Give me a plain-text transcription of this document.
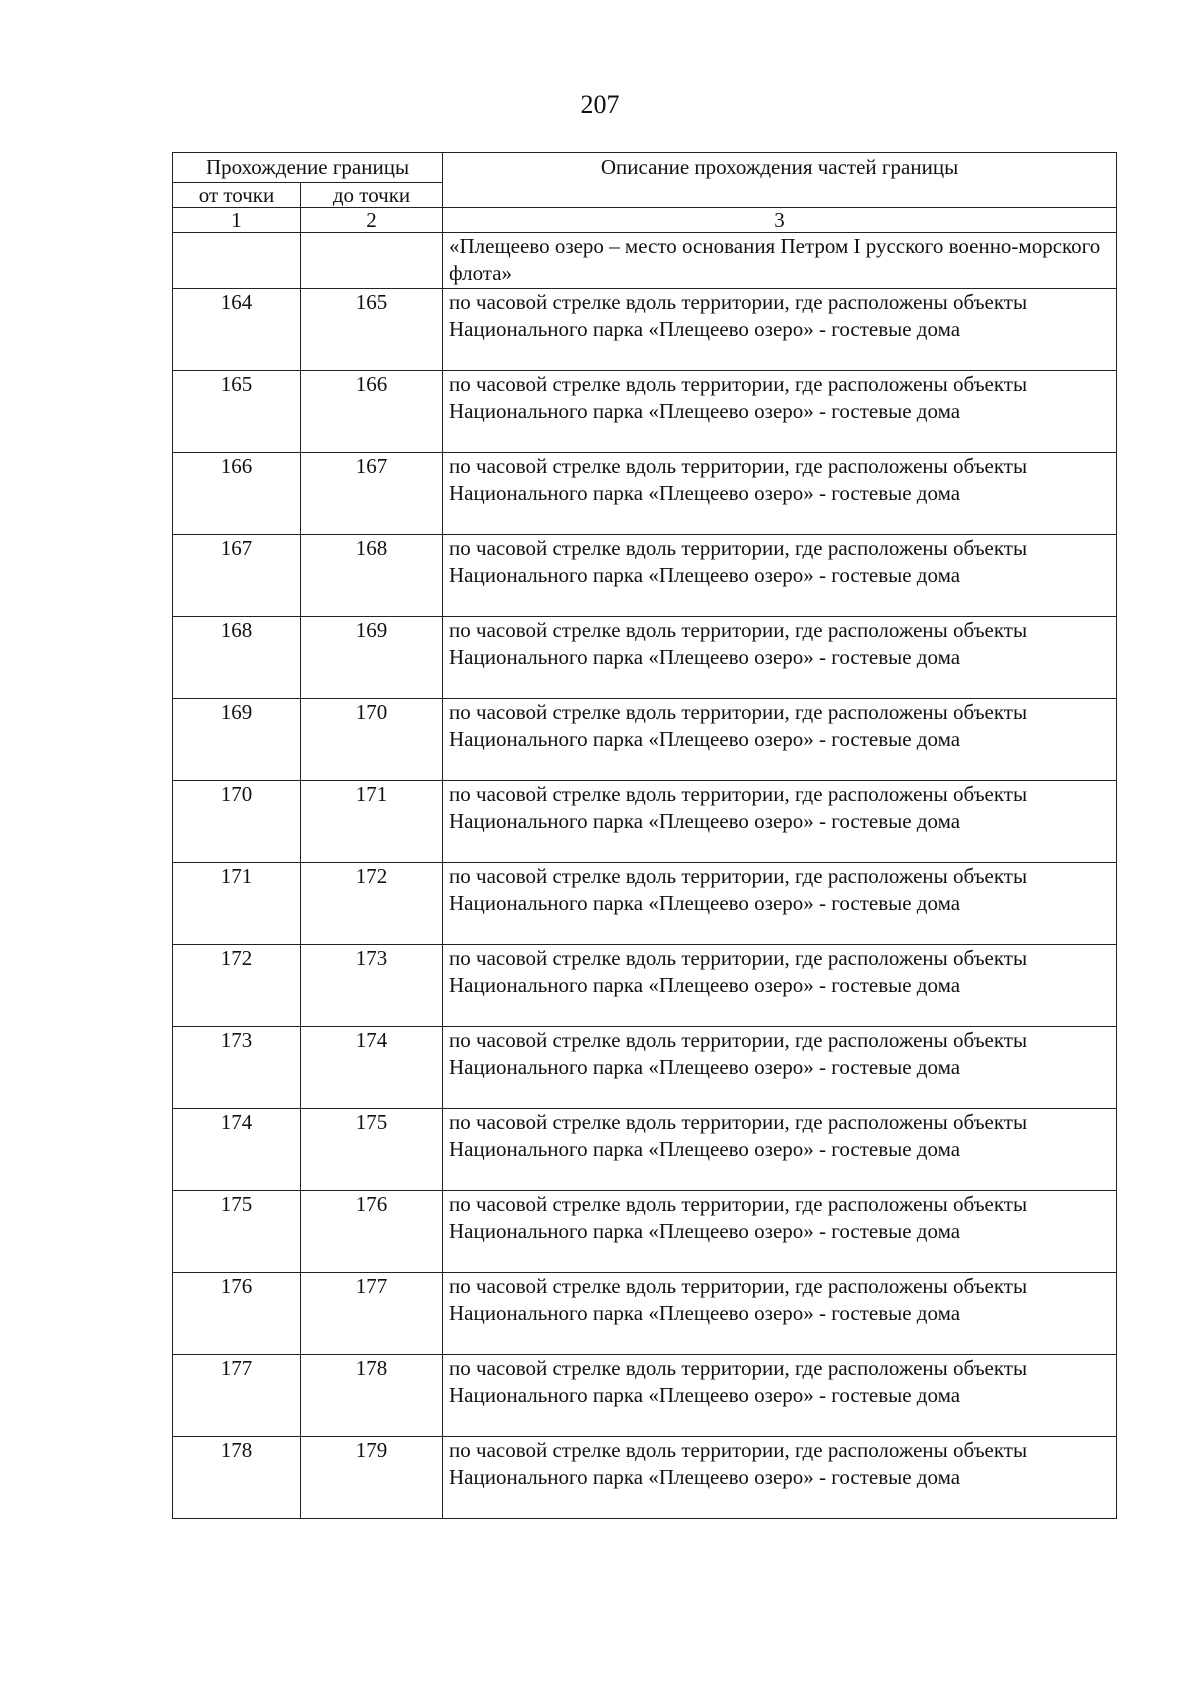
207
Прохождение границы		Описание прохождения частей границы
от точки	до точки	
1	2	3
		«Плещеево озеро – место основания Петром I русского военно-морского флота»
164	165	по часовой стрелке вдоль территории, где расположены объекты Национального парка «Плещеево озеро» - гостевые дома
165	166	по часовой стрелке вдоль территории, где расположены объекты Национального парка «Плещеево озеро» - гостевые дома
166	167	по часовой стрелке вдоль территории, где расположены объекты Национального парка «Плещеево озеро» - гостевые дома
167	168	по часовой стрелке вдоль территории, где расположены объекты Национального парка «Плещеево озеро» - гостевые дома
168	169	по часовой стрелке вдоль территории, где расположены объекты Национального парка «Плещеево озеро» - гостевые дома
169	170	по часовой стрелке вдоль территории, где расположены объекты Национального парка «Плещеево озеро» - гостевые дома
170	171	по часовой стрелке вдоль территории, где расположены объекты Национального парка «Плещеево озеро» - гостевые дома
171	172	по часовой стрелке вдоль территории, где расположены объекты Национального парка «Плещеево озеро» - гостевые дома
172	173	по часовой стрелке вдоль территории, где расположены объекты Национального парка «Плещеево озеро» - гостевые дома
173	174	по часовой стрелке вдоль территории, где расположены объекты Национального парка «Плещеево озеро» - гостевые дома
174	175	по часовой стрелке вдоль территории, где расположены объекты Национального парка «Плещеево озеро» - гостевые дома
175	176	по часовой стрелке вдоль территории, где расположены объекты Национального парка «Плещеево озеро» - гостевые дома
176	177	по часовой стрелке вдоль территории, где расположены объекты Национального парка «Плещеево озеро» - гостевые дома
177	178	по часовой стрелке вдоль территории, где расположены объекты Национального парка «Плещеево озеро» - гостевые дома
178	179	по часовой стрелке вдоль территории, где расположены объекты Национального парка «Плещеево озеро» - гостевые дома
